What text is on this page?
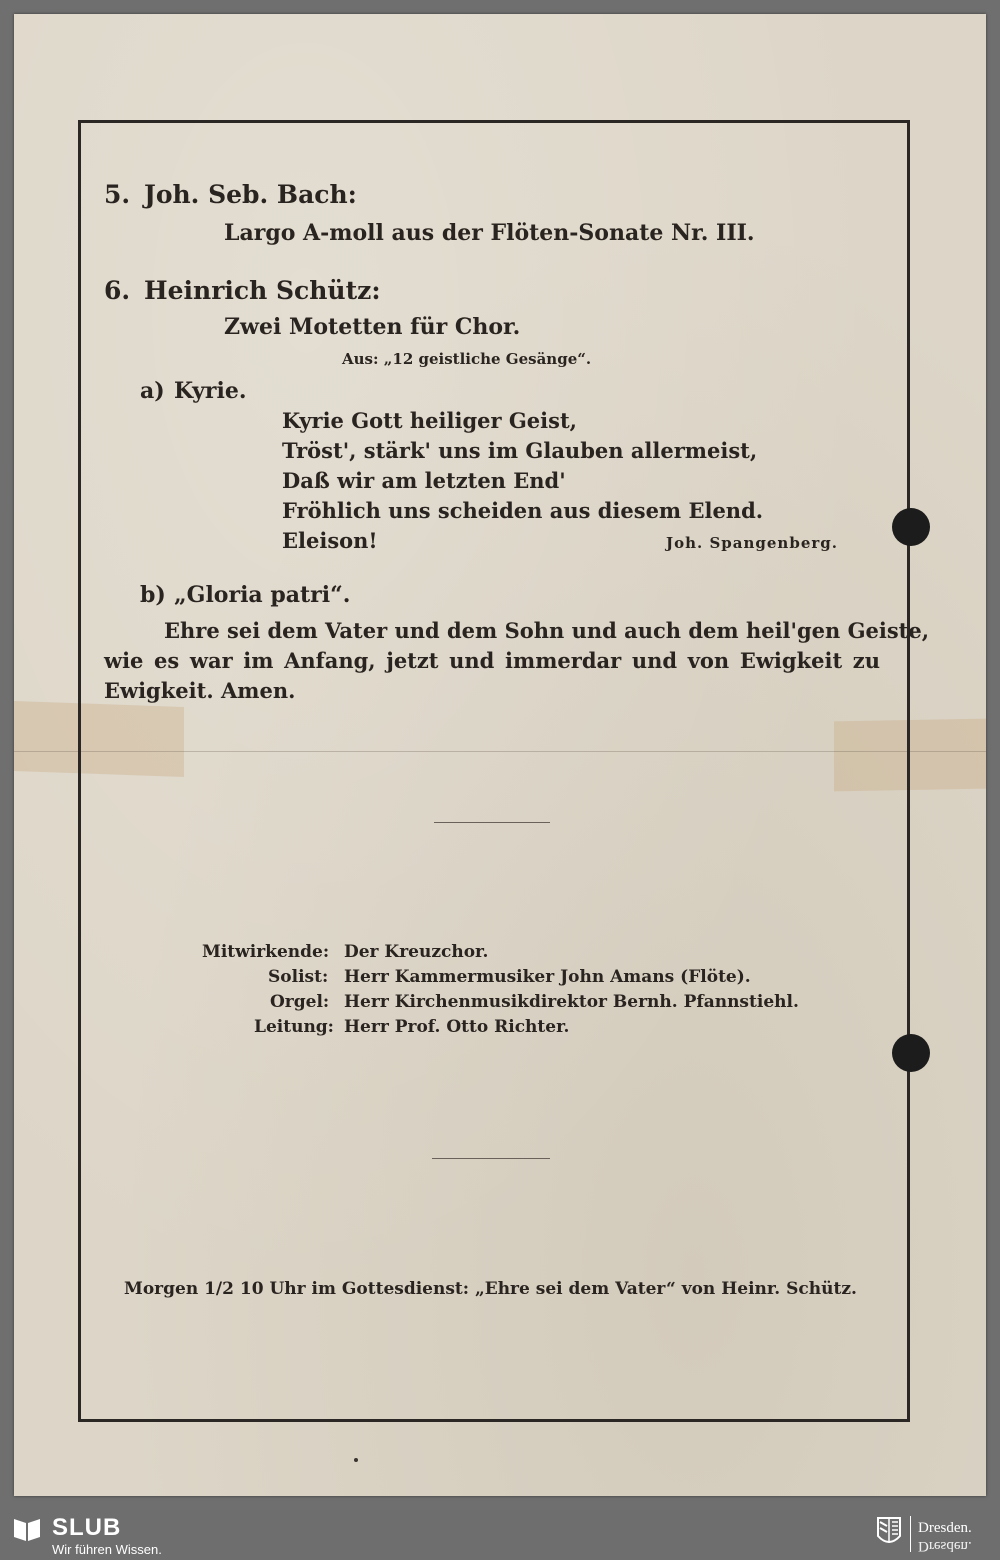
5. Joh. Seb. Bach:
Largo A-moll aus der Flöten-Sonate Nr. III.
6. Heinrich Schütz:
Zwei Motetten für Chor.
Aus: „12 geistliche Gesänge“.
a) Kyrie.
Kyrie Gott heiliger Geist,
Tröst', stärk' uns im Glauben allermeist,
Daß wir am letzten End'
Fröhlich uns scheiden aus diesem Elend.
Eleison!	Joh. Spangenberg.
b) „Gloria patri“.
Ehre sei dem Vater und dem Sohn und auch dem heil'gen Geiste,
wie es war im Anfang, jetzt und immerdar und von Ewigkeit zu
Ewigkeit. Amen.
Mitwirkende: Der Kreuzchor.
Solist: Herr Kammermusiker John Amans (Flöte).
Orgel: Herr Kirchenmusikdirektor Bernh. Pfannstiehl.
Leitung: Herr Prof. Otto Richter.
Morgen 1/2 10 Uhr im Gottesdienst: „Ehre sei dem Vater“ von Heinr. Schütz.
SLUB
Wir führen Wissen.
Dresden.
Dresden.
